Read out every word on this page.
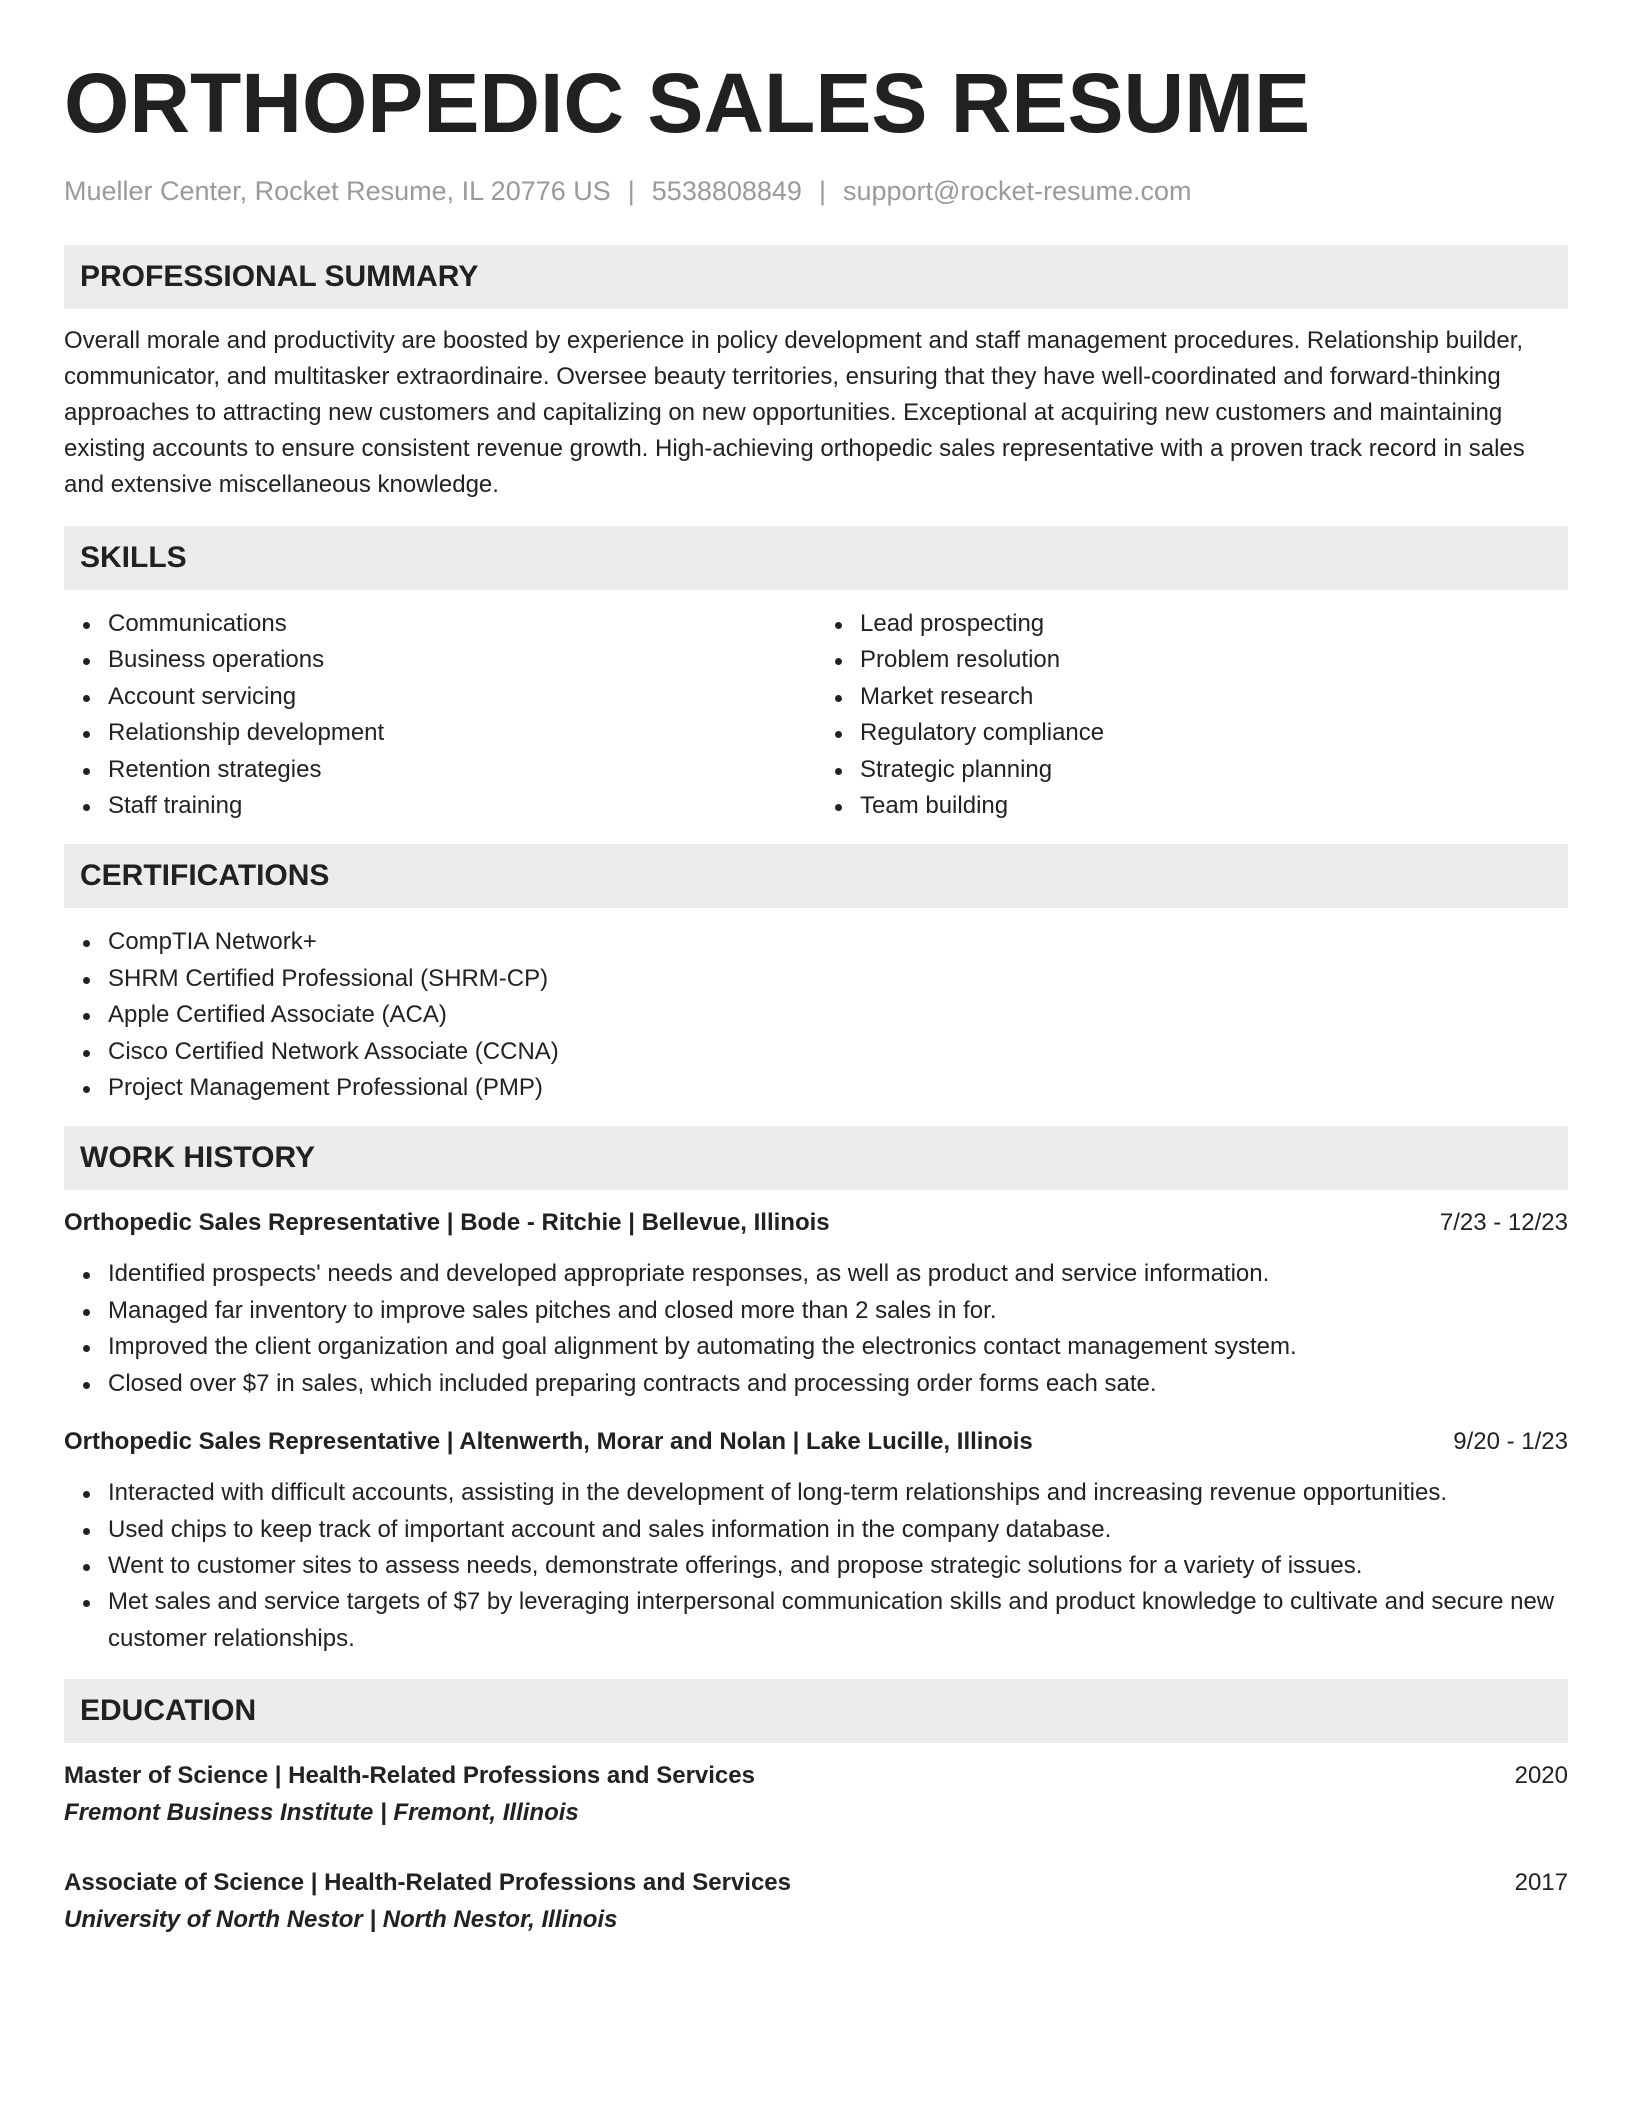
ORTHOPEDIC SALES RESUME
Mueller Center, Rocket Resume, IL 20776 US | 5538808849 | support@rocket-resume.com
PROFESSIONAL SUMMARY
Overall morale and productivity are boosted by experience in policy development and staff management procedures. Relationship builder, communicator, and multitasker extraordinaire. Oversee beauty territories, ensuring that they have well-coordinated and forward-thinking approaches to attracting new customers and capitalizing on new opportunities. Exceptional at acquiring new customers and maintaining existing accounts to ensure consistent revenue growth. High-achieving orthopedic sales representative with a proven track record in sales and extensive miscellaneous knowledge.
SKILLS
Communications
Business operations
Account servicing
Relationship development
Retention strategies
Staff training
Lead prospecting
Problem resolution
Market research
Regulatory compliance
Strategic planning
Team building
CERTIFICATIONS
CompTIA Network+
SHRM Certified Professional (SHRM-CP)
Apple Certified Associate (ACA)
Cisco Certified Network Associate (CCNA)
Project Management Professional (PMP)
WORK HISTORY
Orthopedic Sales Representative | Bode - Ritchie | Bellevue, Illinois	7/23 - 12/23
Identified prospects' needs and developed appropriate responses, as well as product and service information.
Managed far inventory to improve sales pitches and closed more than 2 sales in for.
Improved the client organization and goal alignment by automating the electronics contact management system.
Closed over $7 in sales, which included preparing contracts and processing order forms each sate.
Orthopedic Sales Representative | Altenwerth, Morar and Nolan | Lake Lucille, Illinois	9/20 - 1/23
Interacted with difficult accounts, assisting in the development of long-term relationships and increasing revenue opportunities.
Used chips to keep track of important account and sales information in the company database.
Went to customer sites to assess needs, demonstrate offerings, and propose strategic solutions for a variety of issues.
Met sales and service targets of $7 by leveraging interpersonal communication skills and product knowledge to cultivate and secure new customer relationships.
EDUCATION
Master of Science | Health-Related Professions and Services	2020
Fremont Business Institute | Fremont, Illinois
Associate of Science | Health-Related Professions and Services	2017
University of North Nestor | North Nestor, Illinois
